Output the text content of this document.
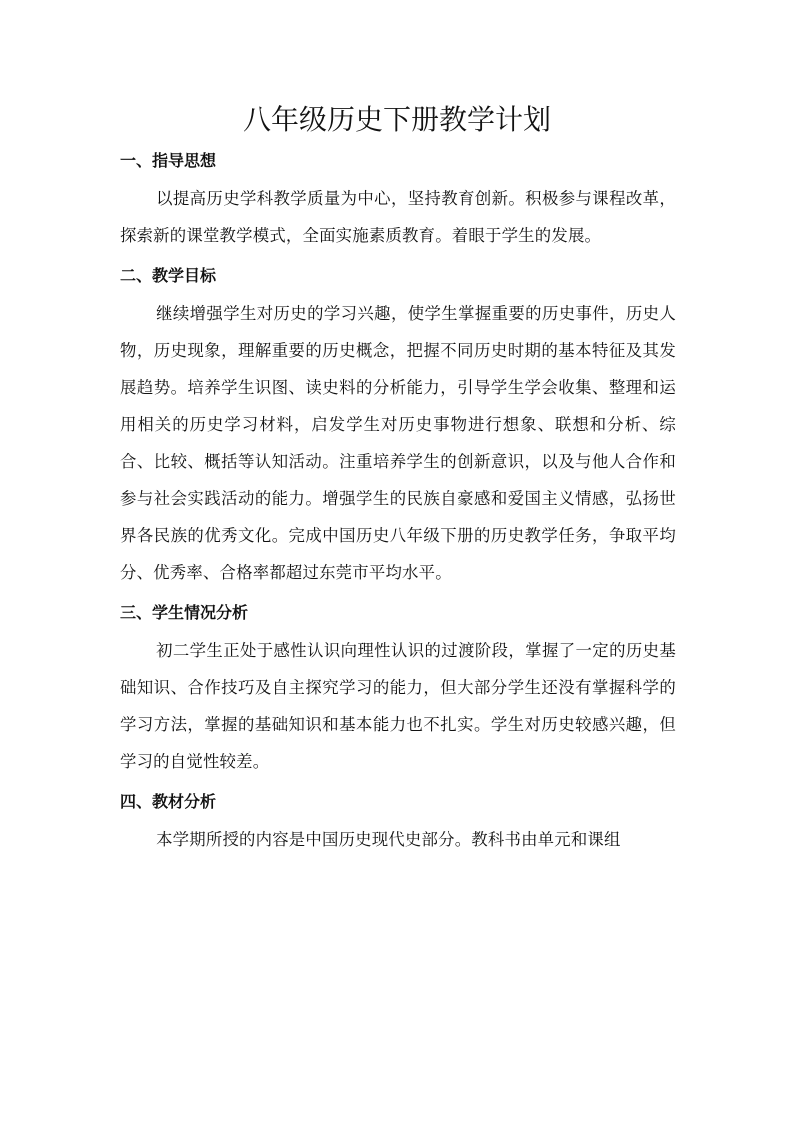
八年级历史下册教学计划

一、指导思想

以提高历史学科教学质量为中心，坚持教育创新。积极参与课程改革，探索新的课堂教学模式，全面实施素质教育。着眼于学生的发展。

二、教学目标

继续增强学生对历史的学习兴趣，使学生掌握重要的历史事件，历史人物，历史现象，理解重要的历史概念，把握不同历史时期的基本特征及其发展趋势。培养学生识图、读史料的分析能力，引导学生学会收集、整理和运用相关的历史学习材料，启发学生对历史事物进行想象、联想和分析、综合、比较、概括等认知活动。注重培养学生的创新意识，以及与他人合作和参与社会实践活动的能力。增强学生的民族自豪感和爱国主义情感，弘扬世界各民族的优秀文化。完成中国历史八年级下册的历史教学任务，争取平均分、优秀率、合格率都超过东莞市平均水平。

三、学生情况分析

初二学生正处于感性认识向理性认识的过渡阶段，掌握了一定的历史基础知识、合作技巧及自主探究学习的能力，但大部分学生还没有掌握科学的学习方法，掌握的基础知识和基本能力也不扎实。学生对历史较感兴趣，但学习的自觉性较差。

四、教材分析

本学期所授的内容是中国历史现代史部分。教科书由单元和课组
